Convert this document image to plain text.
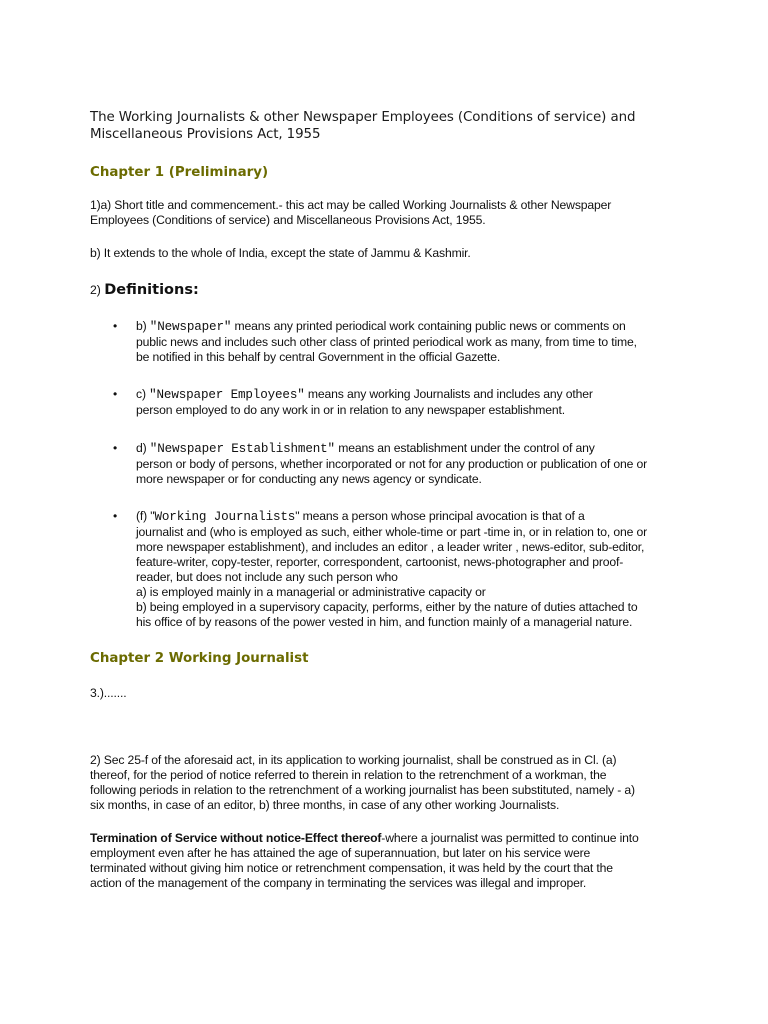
The Working Journalists & other Newspaper Employees (Conditions of service) and
Miscellaneous Provisions Act, 1955
Chapter 1 (Preliminary)
1)a) Short title and commencement.- this act may be called Working Journalists & other Newspaper
Employees (Conditions of service) and Miscellaneous Provisions Act, 1955.
b) It extends to the whole of India, except the state of Jammu & Kashmir.
2) Definitions:
• b) "Newspaper" means any printed periodical work containing public news or comments on
public news and includes such other class of printed periodical work as many, from time to time,
be notified in this behalf by central Government in the official Gazette.
• c) "Newspaper Employees" means any working Journalists and includes any other
person employed to do any work in or in relation to any newspaper establishment.
• d) "Newspaper Establishment" means an establishment under the control of any
person or body of persons, whether incorporated or not for any production or publication of one or
more newspaper or for conducting any news agency or syndicate.
• (f) "Working Journalists" means a person whose principal avocation is that of a
journalist and (who is employed as such, either whole-time or part -time in, or in relation to, one or
more newspaper establishment), and includes an editor , a leader writer , news-editor, sub-editor,
feature-writer, copy-tester, reporter, correspondent, cartoonist, news-photographer and proof-
reader, but does not include any such person who
a) is employed mainly in a managerial or administrative capacity or
b) being employed in a supervisory capacity, performs, either by the nature of duties attached to
his office of by reasons of the power vested in him, and function mainly of a managerial nature.
Chapter 2 Working Journalist
3.).......
2) Sec 25-f of the aforesaid act, in its application to working journalist, shall be construed as in Cl. (a)
thereof, for the period of notice referred to therein in relation to the retrenchment of a workman, the
following periods in relation to the retrenchment of a working journalist has been substituted, namely - a)
six months, in case of an editor, b) three months, in case of any other working Journalists.
Termination of Service without notice-Effect thereof-where a journalist was permitted to continue into
employment even after he has attained the age of superannuation, but later on his service were
terminated without giving him notice or retrenchment compensation, it was held by the court that the
action of the management of the company in terminating the services was illegal and improper.
